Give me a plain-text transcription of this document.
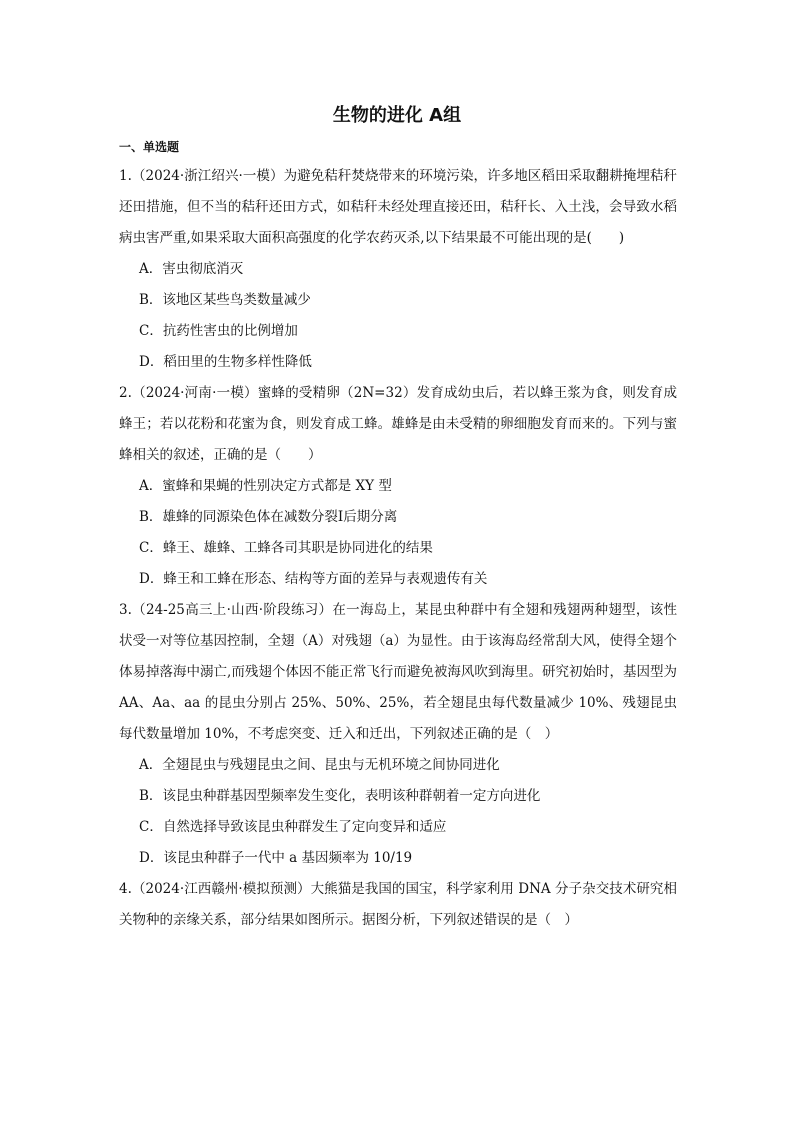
生物的进化 A组
一、单选题

1.（2024·浙江绍兴·一模）为避免秸秆焚烧带来的环境污染，许多地区稻田采取翻耕掩埋秸秆还田措施，但不当的秸秆还田方式，如秸秆未经处理直接还田，秸秆长、入土浅，会导致水稻病虫害严重,如果采取大面积高强度的化学农药灭杀,以下结果最不可能出现的是(　　)

A．害虫彻底消灭
B．该地区某些鸟类数量减少
C．抗药性害虫的比例增加
D．稻田里的生物多样性降低

2.（2024·河南·一模）蜜蜂的受精卵（2N=32）发育成幼虫后，若以蜂王浆为食，则发育成蜂王；若以花粉和花蜜为食，则发育成工蜂。雄蜂是由未受精的卵细胞发育而来的。下列与蜜蜂相关的叙述，正确的是（　　）

A．蜜蜂和果蝇的性别决定方式都是 XY 型
B．雄蜂的同源染色体在减数分裂Ⅰ后期分离
C．蜂王、雄蜂、工蜂各司其职是协同进化的结果
D．蜂王和工蜂在形态、结构等方面的差异与表观遗传有关

3.（24-25高三上·山西·阶段练习）在一海岛上，某昆虫种群中有全翅和残翅两种翅型，该性状受一对等位基因控制，全翅（A）对残翅（a）为显性。由于该海岛经常刮大风，使得全翅个体易掉落海中溺亡,而残翅个体因不能正常飞行而避免被海风吹到海里。研究初始时，基因型为 AA、Aa、aa 的昆虫分别占 25%、50%、25%，若全翅昆虫每代数量减少 10%、残翅昆虫每代数量增加 10%，不考虑突变、迁入和迁出，下列叙述正确的是（　）

A．全翅昆虫与残翅昆虫之间、昆虫与无机环境之间协同进化
B．该昆虫种群基因型频率发生变化，表明该种群朝着一定方向进化
C．自然选择导致该昆虫种群发生了定向变异和适应
D．该昆虫种群子一代中 a 基因频率为 10/19

4.（2024·江西赣州·模拟预测）大熊猫是我国的国宝，科学家利用 DNA 分子杂交技术研究相关物种的亲缘关系，部分结果如图所示。据图分析，下列叙述错误的是（　）
